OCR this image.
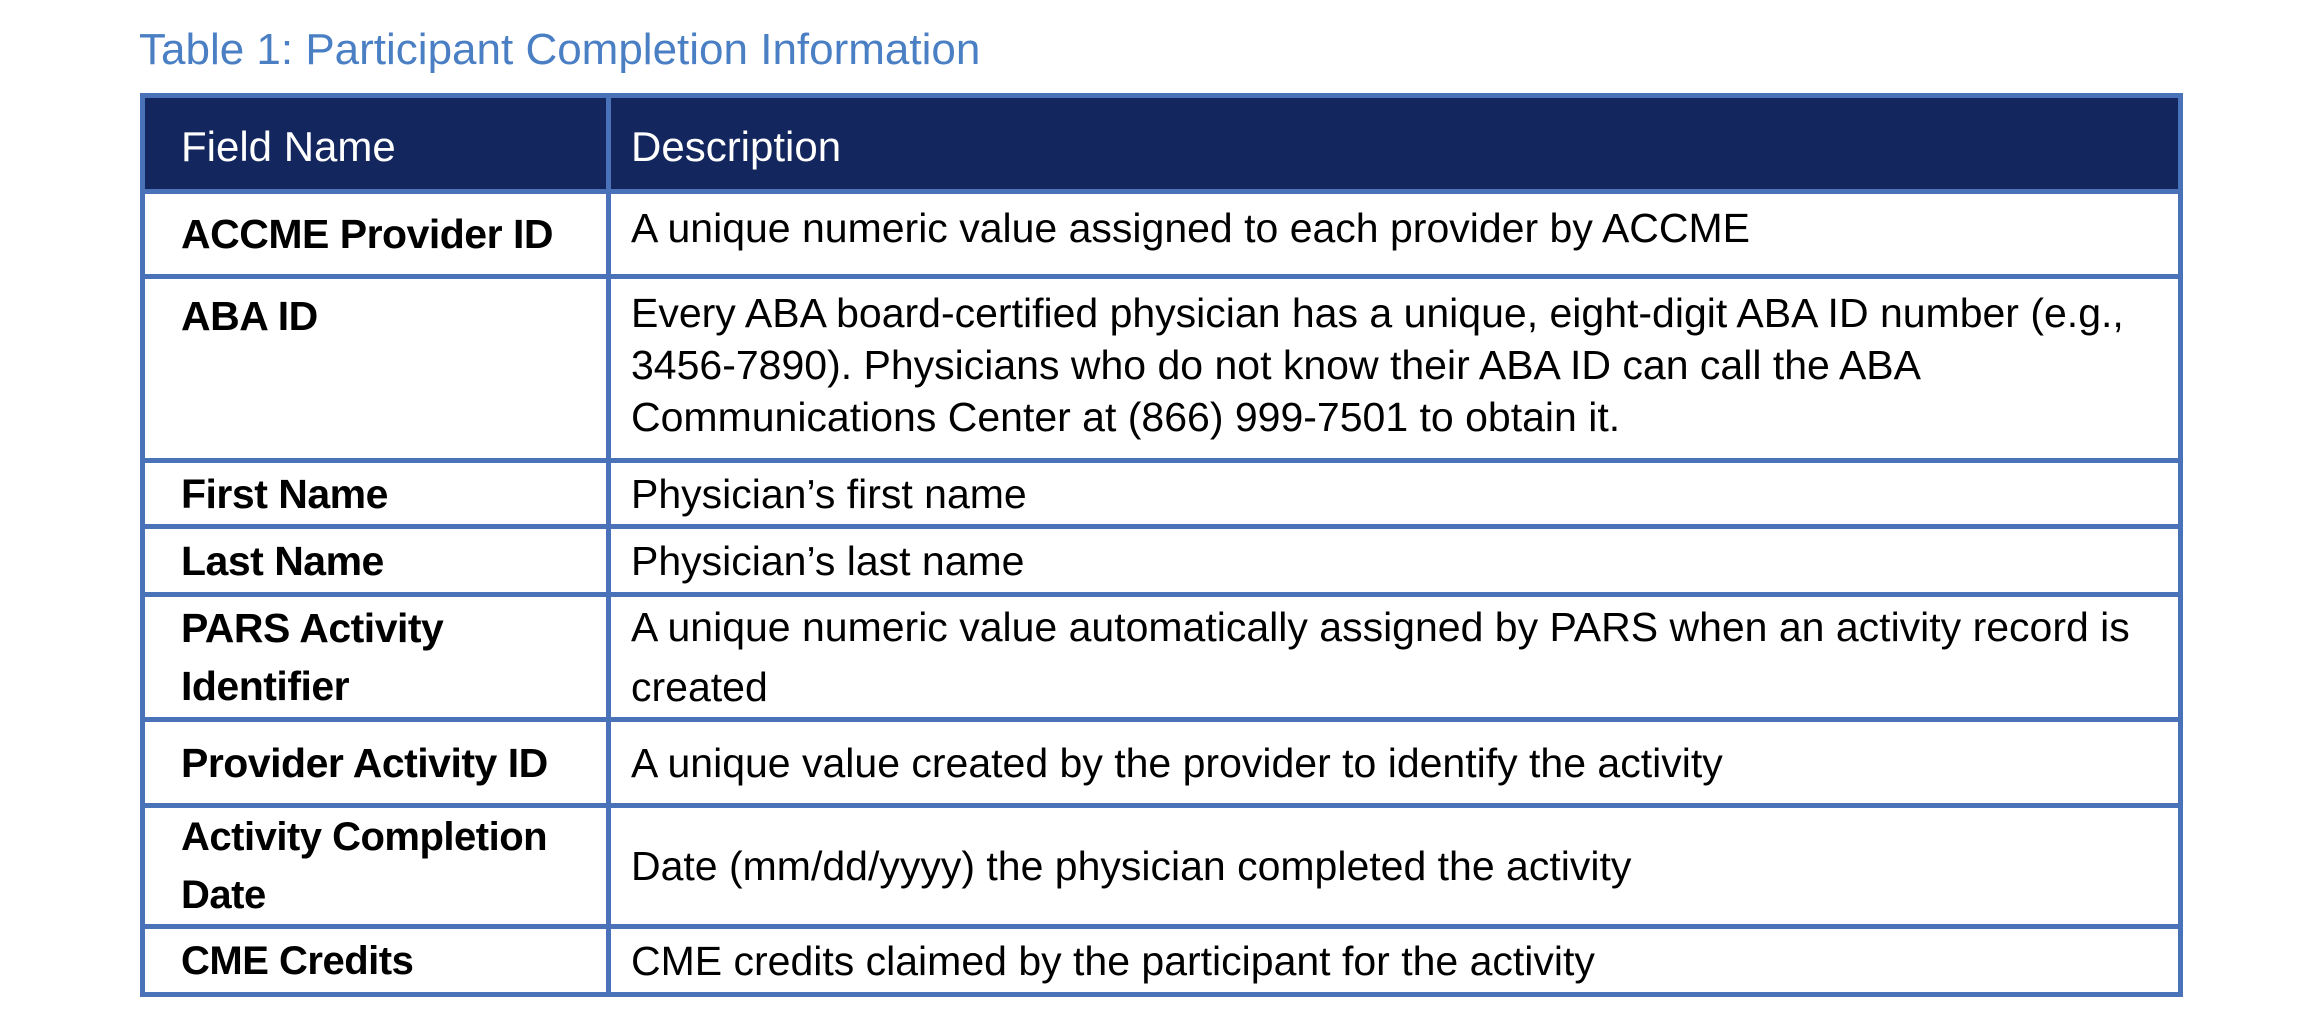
Table 1: Participant Completion Information
Field Name	Description
ACCME Provider ID	A unique numeric value assigned to each provider by ACCME
ABA ID	Every ABA board-certified physician has a unique, eight-digit ABA ID number (e.g., 3456-7890). Physicians who do not know their ABA ID can call the ABA Communications Center at (866) 999-7501 to obtain it.
First Name	Physician’s first name
Last Name	Physician’s last name
PARS Activity Identifier	A unique numeric value automatically assigned by PARS when an activity record is created
Provider Activity ID	A unique value created by the provider to identify the activity
Activity Completion Date	Date (mm/dd/yyyy) the physician completed the activity
CME Credits	CME credits claimed by the participant for the activity
